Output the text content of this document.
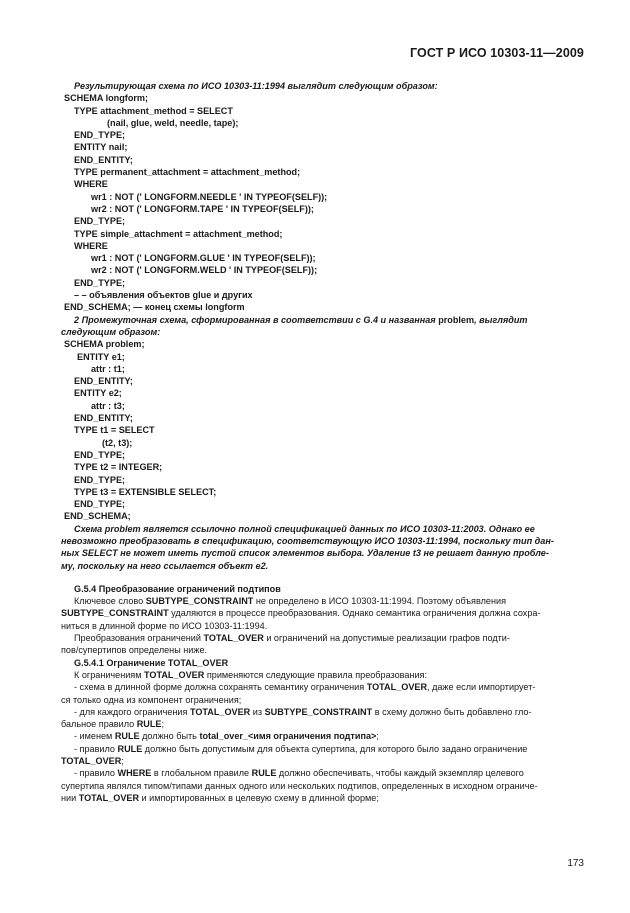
ГОСТ Р ИСО 10303-11—2009
Результирующая схема по ИСО 10303-11:1994 выглядит следующим образом:
SCHEMA longform;
TYPE attachment_method = SELECT
(nail, glue, weld, needle, tape);
END_TYPE;
ENTITY nail;
END_ENTITY;
TYPE permanent_attachment = attachment_method;
WHERE
wr1 : NOT (' LONGFORM.NEEDLE ' IN TYPEOF(SELF));
wr2 : NOT (' LONGFORM.TAPE ' IN TYPEOF(SELF));
END_TYPE;
TYPE simple_attachment = attachment_method;
WHERE
wr1 : NOT (' LONGFORM.GLUE ' IN TYPEOF(SELF));
wr2 : NOT (' LONGFORM.WELD ' IN TYPEOF(SELF));
END_TYPE;
– – объявления объектов glue и других
END_SCHEMA; — конец схемы longform
2 Промежуточная схема, сформированная в соответствии с G.4 и названная problem, выглядит
следующим образом:
SCHEMA problem;
ENTITY e1;
attr : t1;
END_ENTITY;
ENTITY e2;
attr : t3;
END_ENTITY;
TYPE t1 = SELECT
(t2, t3);
END_TYPE;
TYPE t2 = INTEGER;
END_TYPE;
TYPE t3 = EXTENSIBLE SELECT;
END_TYPE;
END_SCHEMA;
Схема problem является ссылочно полной спецификацией данных по ИСО 10303-11:2003. Однако ее
невозможно преобразовать в спецификацию, соответствующую ИСО 10303-11:1994, поскольку тип дан-
ных SELECT не может иметь пустой список элементов выбора. Удаление t3 не решает данную пробле-
му, поскольку на него ссылается объект e2.
G.5.4 Преобразование ограничений подтипов
Ключевое слово SUBTYPE_CONSTRAINT не определено в ИСО 10303-11:1994. Поэтому объявления
SUBTYPE_CONSTRAINT удаляются в процессе преобразования. Однако семантика ограничения должна сохра-
ниться в длинной форме по ИСО 10303-11:1994.
Преобразования ограничений TOTAL_OVER и ограничений на допустимые реализации графов подти-
пов/супертипов определены ниже.
G.5.4.1 Ограничение TOTAL_OVER
К ограничениям TOTAL_OVER применяются следующие правила преобразования:
- схема в длинной форме должна сохранять семантику ограничения TOTAL_OVER, даже если импортирует-
ся только одна из компонент ограничения;
- для каждого ограничения TOTAL_OVER из SUBTYPE_CONSTRAINT в схему должно быть добавлено гло-
бальное правило RULE;
- именем RULE должно быть total_over_<имя ограничения подтипа>;
- правило RULE должно быть допустимым для объекта супертипа, для которого было задано ограничение
TOTAL_OVER;
- правило WHERE в глобальном правиле RULE должно обеспечивать, чтобы каждый экземпляр целевого
супертипа являлся типом/типами данных одного или нескольких подтипов, определенных в исходном ограниче-
нии TOTAL_OVER и импортированных в целевую схему в длинной форме;
173
